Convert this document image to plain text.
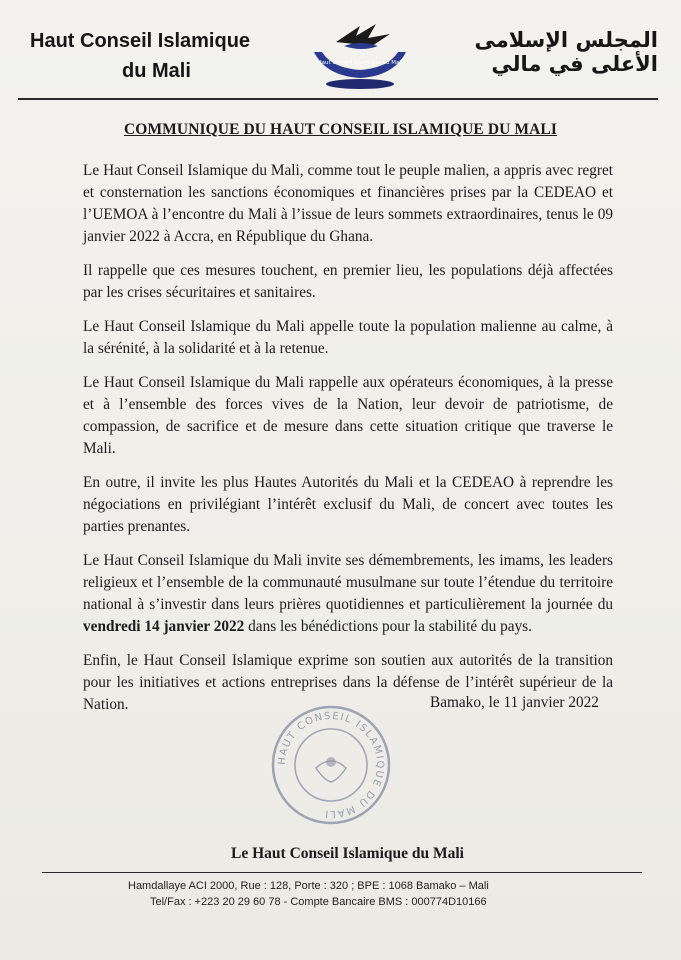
Haut Conseil Islamique
du Mali	Haut Conseil Islamique du Mali
المجلس الإسلامى الأعلى في مالي
COMMUNIQUE DU HAUT CONSEIL ISLAMIQUE DU MALI

Le Haut Conseil Islamique du Mali, comme tout le peuple malien, a appris avec regret et consternation les sanctions économiques et financières prises par la CEDEAO et l’UEMOA à l’encontre du Mali à l’issue de leurs sommets extraordinaires, tenus le 09 janvier 2022 à Accra, en République du Ghana.

Il rappelle que ces mesures touchent, en premier lieu, les populations déjà affectées par les crises sécuritaires et sanitaires.

Le Haut Conseil Islamique du Mali appelle toute la population malienne au calme, à la sérénité, à la solidarité et à la retenue.

Le Haut Conseil Islamique du Mali rappelle aux opérateurs économiques, à la presse et à l’ensemble des forces vives de la Nation, leur devoir de patriotisme, de compassion, de sacrifice et de mesure dans cette situation critique que traverse le Mali.

En outre, il invite les plus Hautes Autorités du Mali et la CEDEAO à reprendre les négociations en privilégiant l’intérêt exclusif du Mali, de concert avec toutes les parties prenantes.

Le Haut Conseil Islamique du Mali invite ses démembrements, les imams, les leaders religieux et l’ensemble de la communauté musulmane sur toute l’étendue du territoire national à s’investir dans leurs prières quotidiennes et particulièrement la journée du vendredi 14 janvier 2022 dans les bénédictions pour la stabilité du pays.

Enfin, le Haut Conseil Islamique exprime son soutien aux autorités de la transition pour les initiatives et actions entreprises dans la défense de l’intérêt supérieur de la Nation.	Bamako, le 11 janvier 2022
HAUT CONSEIL ISLAMIQUE DU MALI
Le Haut Conseil Islamique du Mali
Hamdallaye ACI 2000, Rue : 128, Porte : 320 ; BPE : 1068 Bamako – Mali
Tel/Fax : +223 20 29 60 78 - Compte Bancaire BMS : 000774D10166
